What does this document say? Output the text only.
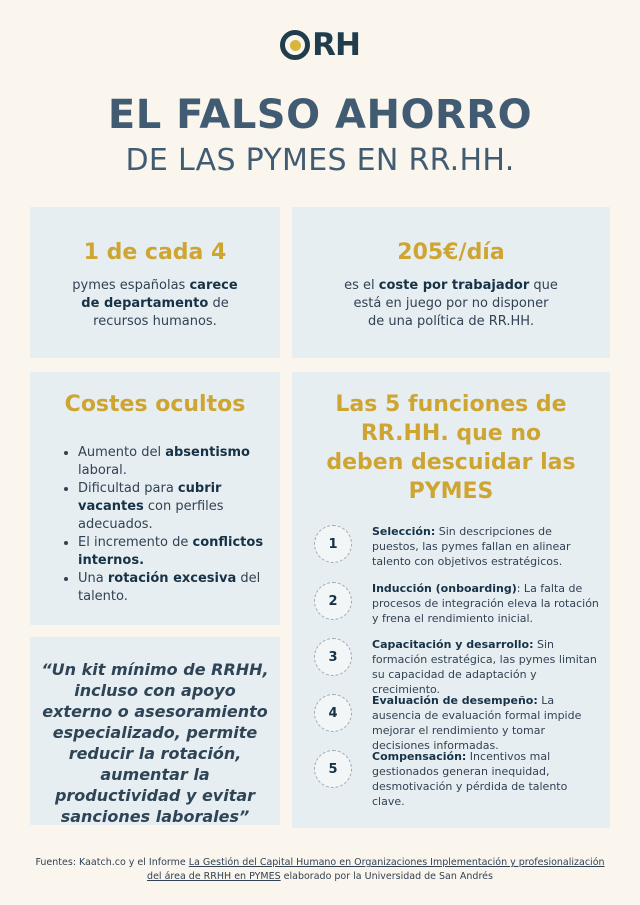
RH
EL FALSO AHORRO
DE LAS PYMES EN RR.HH.
1 de cada 4
pymes españolas carece
de departamento de
recursos humanos.
205€/día
es el coste por trabajador que
está en juego por no disponer
de una política de RR.HH.
Costes ocultos
• Aumento del absentismo laboral.
• Dificultad para cubrir vacantes con perfiles adecuados.
• El incremento de conflictos internos.
• Una rotación excesiva del talento.
“Un kit mínimo de RRHH, incluso con apoyo externo o asesoramiento especializado, permite reducir la rotación, aumentar la productividad y evitar sanciones laborales”
Las 5 funciones de RR.HH. que no deben descuidar las PYMES
1
Selección: Sin descripciones de puestos, las pymes fallan en alinear talento con objetivos estratégicos.
2
Inducción (onboarding): La falta de procesos de integración eleva la rotación y frena el rendimiento inicial.
3
Capacitación y desarrollo: Sin formación estratégica, las pymes limitan su capacidad de adaptación y crecimiento.
4
Evaluación de desempeño: La ausencia de evaluación formal impide mejorar el rendimiento y tomar decisiones informadas.
5
Compensación: Incentivos mal gestionados generan inequidad, desmotivación y pérdida de talento clave.
Fuentes: Kaatch.co y el Informe La Gestión del Capital Humano en Organizaciones Implementación y profesionalización del área de RRHH en PYMES elaborado por la Universidad de San Andrés
